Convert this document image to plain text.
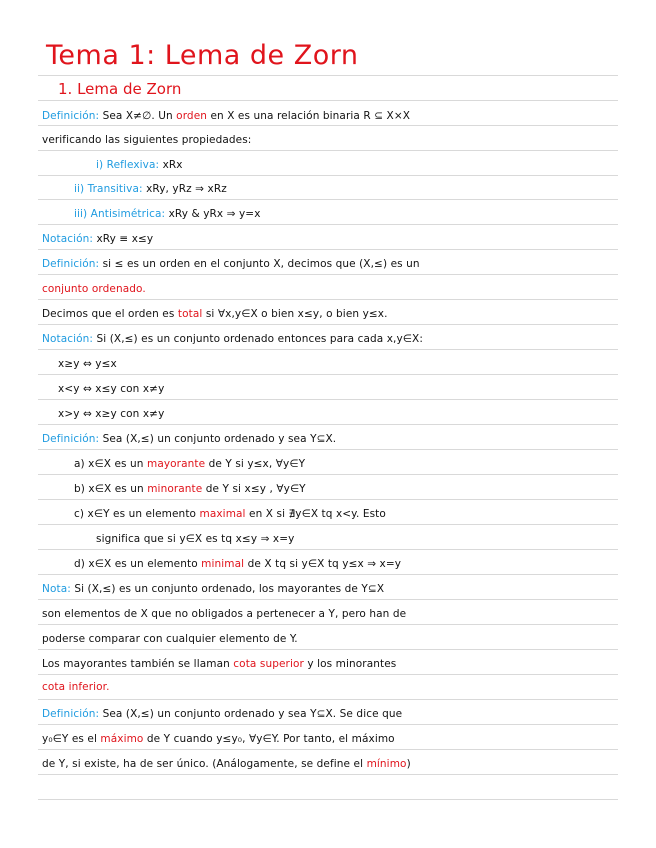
Tema 1: Lema de Zorn
1. Lema de Zorn
Definición: Sea X≠∅. Un orden en X es una relación binaria R ⊆ X×X
verificando las siguientes propiedades:
i) Reflexiva: xRx
ii) Transitiva: xRy, yRz ⇒ xRz
iii) Antisimétrica: xRy & yRx ⇒ y=x
Notación: xRy ≡ x≤y
Definición: si ≤ es un orden en el conjunto X, decimos que (X,≤) es un
conjunto ordenado.
Decimos que el orden es total si ∀x,y∈X o bien x≤y, o bien y≤x.
Notación: Si (X,≤) es un conjunto ordenado entonces para cada x,y∈X:
x≥y ⇔ y≤x
x<y ⇔ x≤y con x≠y
x>y ⇔ x≥y con x≠y
Definición: Sea (X,≤) un conjunto ordenado y sea Y⊆X.
a) x∈X es un mayorante de Y si y≤x, ∀y∈Y
b) x∈X es un minorante de Y si x≤y , ∀y∈Y
c) x∈Y es un elemento maximal en X si ∄y∈X tq x<y. Esto
significa que si y∈X es tq x≤y ⇒ x=y
d) x∈X es un elemento minimal de X tq si y∈X tq y≤x ⇒ x=y
Nota: Si (X,≤) es un conjunto ordenado, los mayorantes de Y⊆X
son elementos de X que no obligados a pertenecer a Y, pero han de
poderse comparar con cualquier elemento de Y.
Los mayorantes también se llaman cota superior y los minorantes
cota inferior.
Definición: Sea (X,≤) un conjunto ordenado y sea Y⊆X. Se dice que
y₀∈Y es el máximo de Y cuando y≤y₀, ∀y∈Y. Por tanto, el máximo
de Y, si existe, ha de ser único. (Análogamente, se define el mínimo)
